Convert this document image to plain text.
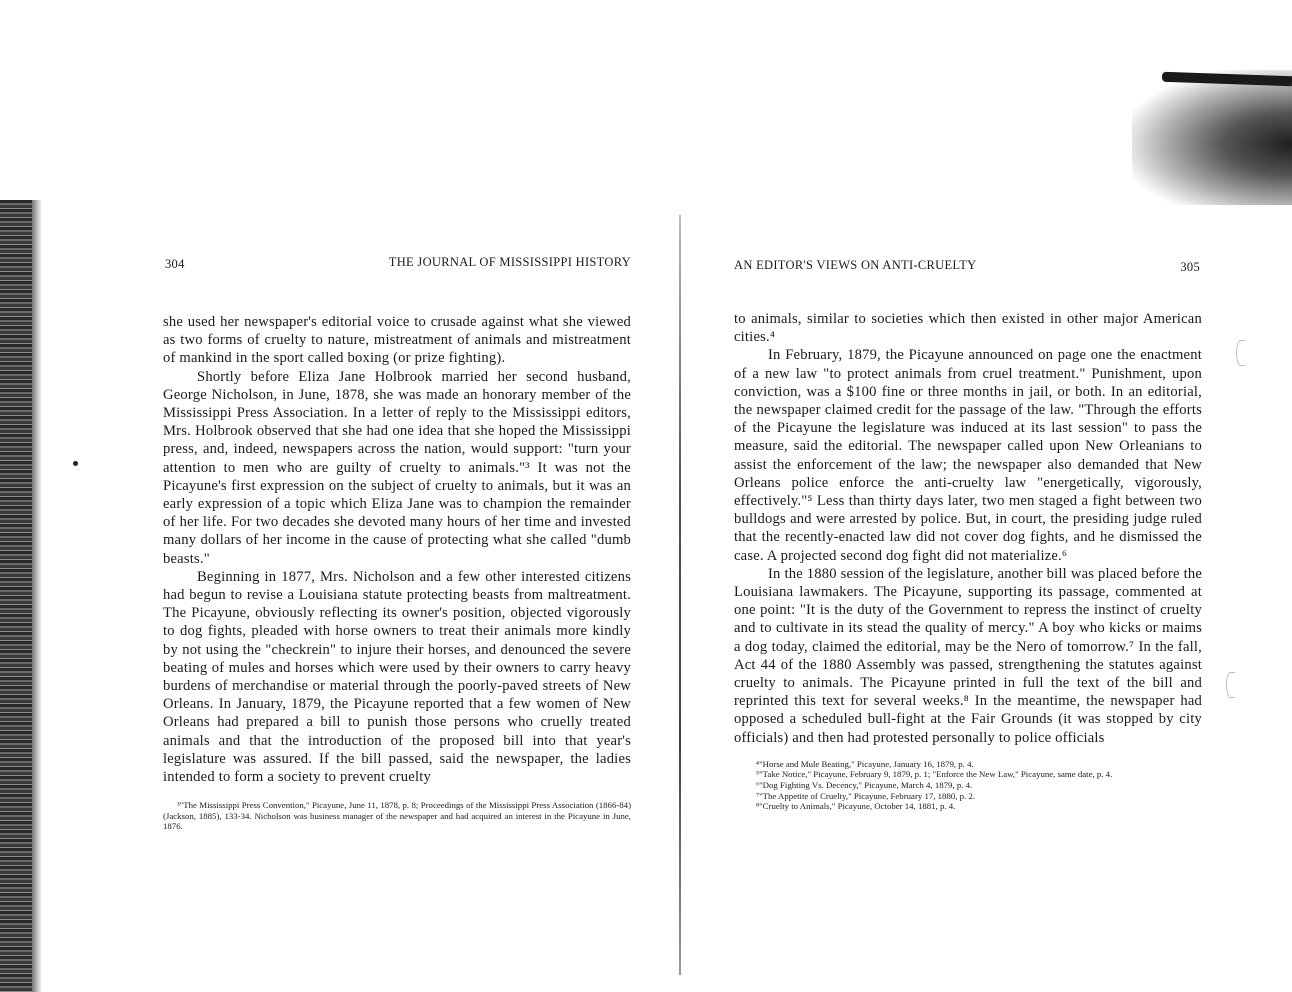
304	THE JOURNAL OF MISSISSIPPI HISTORY

she used her newspaper's editorial voice to crusade against what she viewed as two forms of cruelty to nature, mistreatment of animals and mistreatment of mankind in the sport called boxing (or prize fighting).

Shortly before Eliza Jane Holbrook married her second husband, George Nicholson, in June, 1878, she was made an honorary member of the Mississippi Press Association. In a letter of reply to the Mississippi editors, Mrs. Holbrook observed that she had one idea that she hoped the Mississippi press, and, indeed, newspapers across the nation, would support: "turn your attention to men who are guilty of cruelty to animals."³ It was not the Picayune's first expression on the subject of cruelty to animals, but it was an early expression of a topic which Eliza Jane was to champion the remainder of her life. For two decades she devoted many hours of her time and invested many dollars of her income in the cause of protecting what she called "dumb beasts."

Beginning in 1877, Mrs. Nicholson and a few other interested citizens had begun to revise a Louisiana statute protecting beasts from maltreatment. The Picayune, obviously reflecting its owner's position, objected vigorously to dog fights, pleaded with horse owners to treat their animals more kindly by not using the "checkrein" to injure their horses, and denounced the severe beating of mules and horses which were used by their owners to carry heavy burdens of merchandise or material through the poorly-paved streets of New Orleans. In January, 1879, the Picayune reported that a few women of New Orleans had prepared a bill to punish those persons who cruelly treated animals and that the introduction of the proposed bill into that year's legislature was assured. If the bill passed, said the newspaper, the ladies intended to form a society to prevent cruelty

³"The Mississippi Press Convention," Picayune, June 11, 1878, p. 8; Proceedings of the Mississippi Press Association (1866-84) (Jackson, 1885), 133-34. Nicholson was business manager of the newspaper and had acquired an interest in the Picayune in June, 1876.

AN EDITOR'S VIEWS ON ANTI-CRUELTY	305

to animals, similar to societies which then existed in other major American cities.⁴

In February, 1879, the Picayune announced on page one the enactment of a new law "to protect animals from cruel treatment." Punishment, upon conviction, was a $100 fine or three months in jail, or both. In an editorial, the newspaper claimed credit for the passage of the law. "Through the efforts of the Picayune the legislature was induced at its last session" to pass the measure, said the editorial. The newspaper called upon New Orleanians to assist the enforcement of the law; the newspaper also demanded that New Orleans police enforce the anti-cruelty law "energetically, vigorously, effectively."⁵ Less than thirty days later, two men staged a fight between two bulldogs and were arrested by police. But, in court, the presiding judge ruled that the recently-enacted law did not cover dog fights, and he dismissed the case. A projected second dog fight did not materialize.⁶

In the 1880 session of the legislature, another bill was placed before the Louisiana lawmakers. The Picayune, supporting its passage, commented at one point: "It is the duty of the Government to repress the instinct of cruelty and to cultivate in its stead the quality of mercy." A boy who kicks or maims a dog today, claimed the editorial, may be the Nero of tomorrow.⁷ In the fall, Act 44 of the 1880 Assembly was passed, strengthening the statutes against cruelty to animals. The Picayune printed in full the text of the bill and reprinted this text for several weeks.⁸ In the meantime, the newspaper had opposed a scheduled bull-fight at the Fair Grounds (it was stopped by city officials) and then had protested personally to police officials

⁴"Horse and Mule Beating," Picayune, January 16, 1879, p. 4.

⁵"Take Notice," Picayune, February 9, 1879, p. 1; "Enforce the New Law," Picayune, same date, p. 4.

⁶"Dog Fighting Vs. Decency," Picayune, March 4, 1879, p. 4.

⁷"The Appetite of Cruelty," Picayune, February 17, 1880, p. 2.

⁸"Cruelty to Animals," Picayune, October 14, 1881, p. 4.
